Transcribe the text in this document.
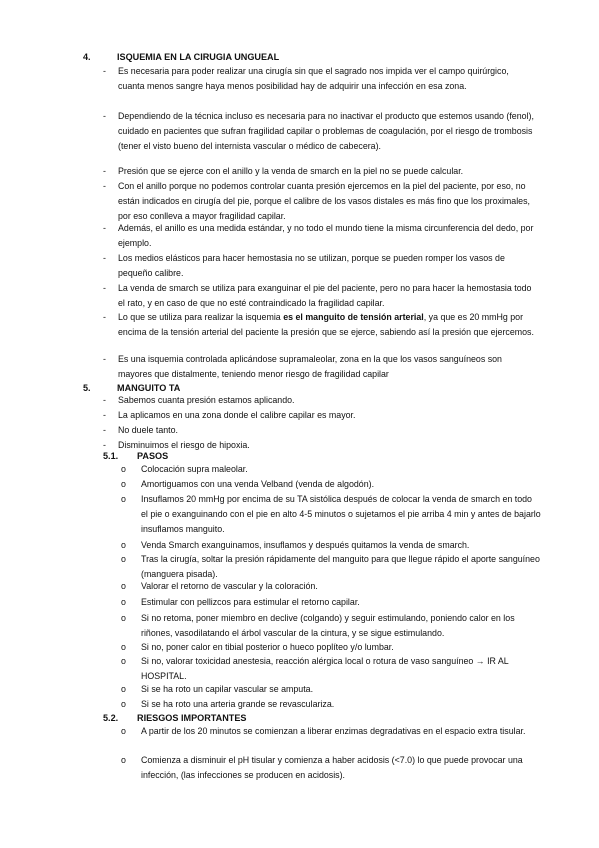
4.	ISQUEMIA EN LA CIRUGIA UNGUEAL
- Es necesaria para poder realizar una cirugía sin que el sagrado nos impida ver el campo quirúrgico, cuanta menos sangre haya menos posibilidad hay de adquirir una infección en esa zona.
- Dependiendo de la técnica incluso es necesaria para no inactivar el producto que estemos usando (fenol), cuidado en pacientes que sufran fragilidad capilar o problemas de coagulación, por el riesgo de trombosis (tener el visto bueno del internista vascular o médico de cabecera).
- Presión que se ejerce con el anillo y la venda de smarch en la piel no se puede calcular.
- Con el anillo porque no podemos controlar cuanta presión ejercemos en la piel del paciente, por eso, no están indicados en cirugía del pie, porque el calibre de los vasos distales es más fino que los proximales, por eso conlleva a mayor fragilidad capilar.
- Además, el anillo es una medida estándar, y no todo el mundo tiene la misma circunferencia del dedo, por ejemplo.
- Los medios elásticos para hacer hemostasia no se utilizan, porque se pueden romper los vasos de pequeño calibre.
- La venda de smarch se utiliza para exanguinar el pie del paciente, pero no para hacer la hemostasia todo el rato, y en caso de que no esté contraindicado la fragilidad capilar.
- Lo que se utiliza para realizar la isquemia es el manguito de tensión arterial, ya que es 20 mmHg por encima de la tensión arterial del paciente la presión que se ejerce, sabiendo así la presión que ejercemos.
- Es una isquemia controlada aplicándose supramaleolar, zona en la que los vasos sanguíneos son mayores que distalmente, teniendo menor riesgo de fragilidad capilar
5.	MANGUITO TA
- Sabemos cuanta presión estamos aplicando.
- La aplicamos en una zona donde el calibre capilar es mayor.
- No duele tanto.
- Disminuimos el riesgo de hipoxia.
5.1. PASOS
o Colocación supra maleolar.
o Amortiguamos con una venda Velband (venda de algodón).
o Insuflamos 20 mmHg por encima de su TA sistólica después de colocar la venda de smarch en todo el pie o exanguinando con el pie en alto 4-5 minutos o sujetamos el pie arriba 4 min y antes de bajarlo insuflamos manguito.
o Venda Smarch exanguinamos, insuflamos y después quitamos la venda de smarch.
o Tras la cirugía, soltar la presión rápidamente del manguito para que llegue rápido el aporte sanguíneo (manguera pisada).
o Valorar el retorno de vascular y la coloración.
o Estimular con pellizcos para estimular el retorno capilar.
o Si no retoma, poner miembro en declive (colgando) y seguir estimulando, poniendo calor en los riñones, vasodilatando el árbol vascular de la cintura, y se sigue estimulando.
o Si no, poner calor en tibial posterior o hueco poplíteo y/o lumbar.
o Si no, valorar toxicidad anestesia, reacción alérgica local o rotura de vaso sanguíneo → IR AL HOSPITAL.
o Si se ha roto un capilar vascular se amputa.
o Si se ha roto una arteria grande se revasculariza.
5.2. RIESGOS IMPORTANTES
o A partir de los 20 minutos se comienzan a liberar enzimas degradativas en el espacio extra tisular.
o Comienza a disminuir el pH tisular y comienza a haber acidosis (<7.0) lo que puede provocar una infección, (las infecciones se producen en acidosis).
